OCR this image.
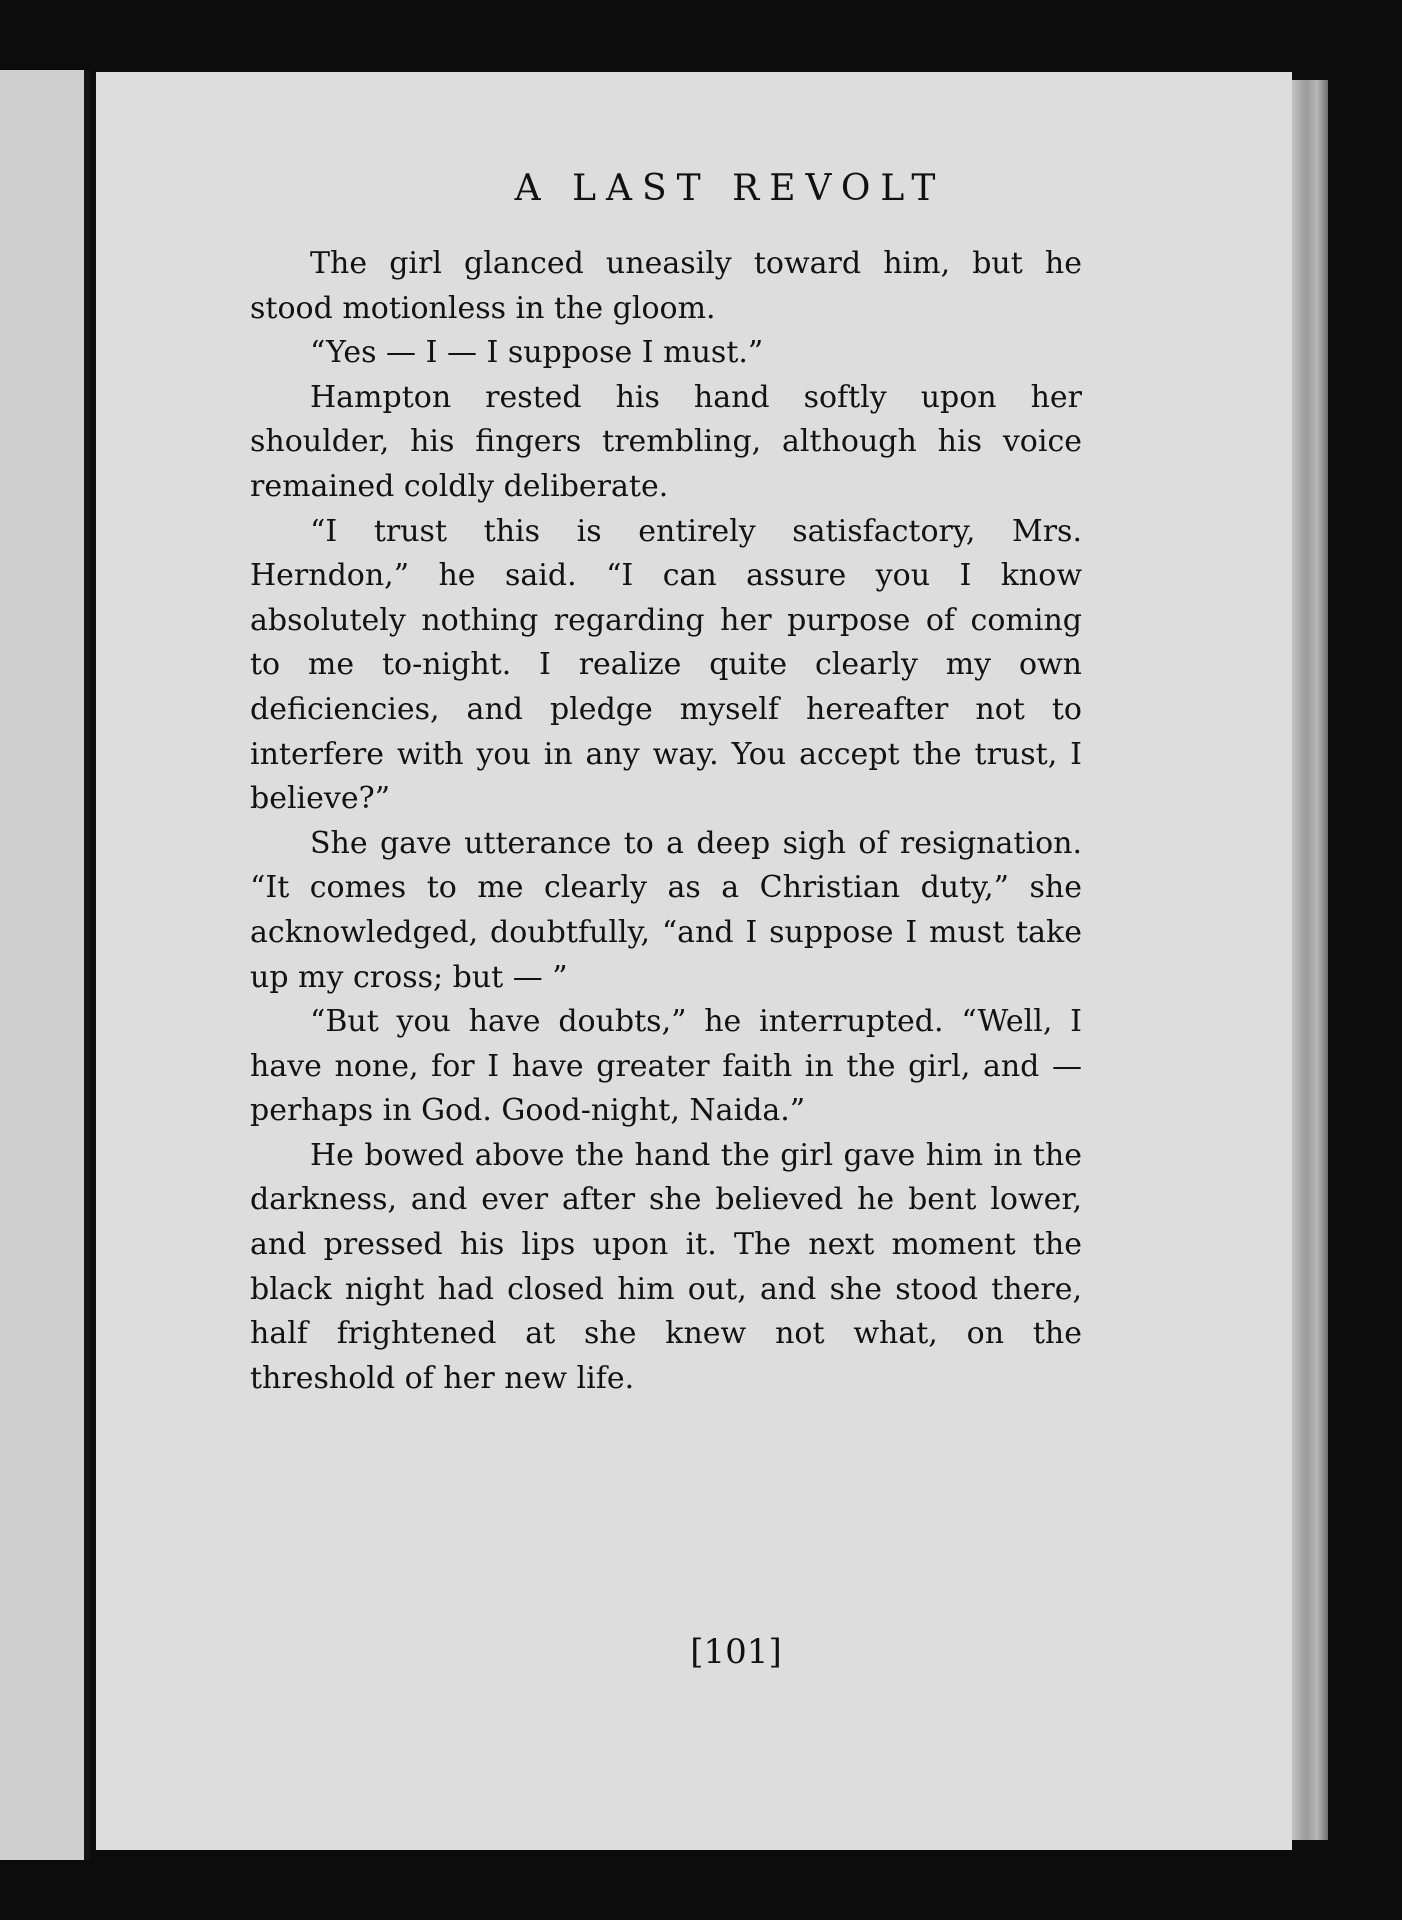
A LAST REVOLT

The girl glanced uneasily toward him, but he stood motionless in the gloom.

“Yes — I — I suppose I must.”

Hampton rested his hand softly upon her shoulder, his fingers trembling, although his voice remained coldly deliberate.

“I trust this is entirely satisfactory, Mrs. Herndon,” he said. “I can assure you I know absolutely nothing regarding her purpose of coming to me to-night. I realize quite clearly my own deficiencies, and pledge myself hereafter not to interfere with you in any way. You accept the trust, I believe?”

She gave utterance to a deep sigh of resignation. “It comes to me clearly as a Christian duty,” she acknowledged, doubtfully, “and I suppose I must take up my cross; but — ”

“But you have doubts,” he interrupted. “Well, I have none, for I have greater faith in the girl, and — perhaps in God. Good-night, Naida.”

He bowed above the hand the girl gave him in the darkness, and ever after she believed he bent lower, and pressed his lips upon it. The next moment the black night had closed him out, and she stood there, half frightened at she knew not what, on the threshold of her new life.

[101]
